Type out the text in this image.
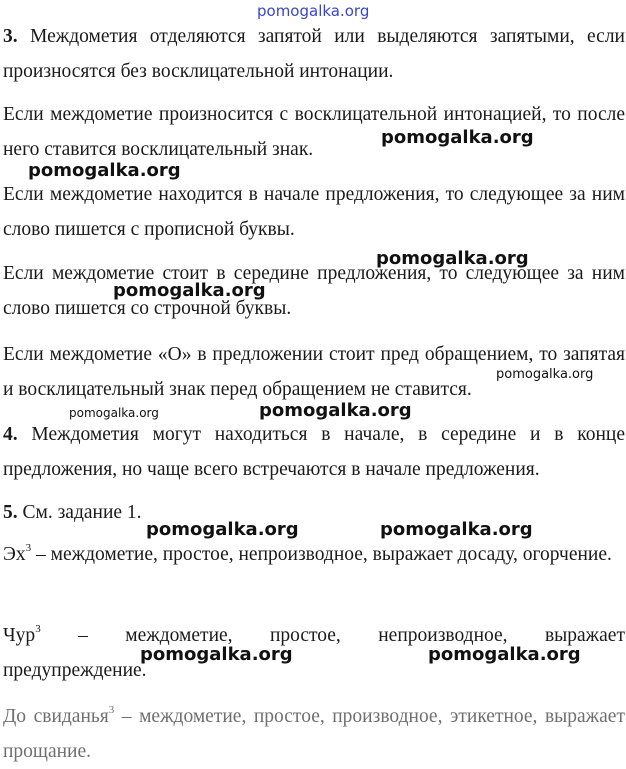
3. Междометия отделяются запятой или выделяются запятыми, если произносятся без восклицательной интонации.

Если междометие произносится с восклицательной интонацией, то после него ставится восклицательный знак.

Если междометие находится в начале предложения, то следующее за ним слово пишется с прописной буквы.

Если междометие стоит в середине предложения, то следующее за ним слово пишется со строчной буквы.

Если междометие «О» в предложении стоит пред обращением, то запятая и восклицательный знак перед обращением не ставится.

4. Междометия могут находиться в начале, в середине и в конце предложения, но чаще всего встречаются в начале предложения.

5. См. задание 1.

$Эх^3$ – междометие, простое, непроизводное, выражает досаду, огорчение.

Чур$^3$ – междометие, простое, непроизводное, выражает
предупреждение.

До свиданья$^3$ – междометие, простое, производное, этикетное, выражает прощание.

pomogalka.org
pomogalka.org
pomogalka.org
pomogalka.org
pomogalka.org
pomogalka.org
pomogalka.org	pomogalka.org
pomogalka.org	pomogalka.org
pomogalka.org	pomogalka.org
